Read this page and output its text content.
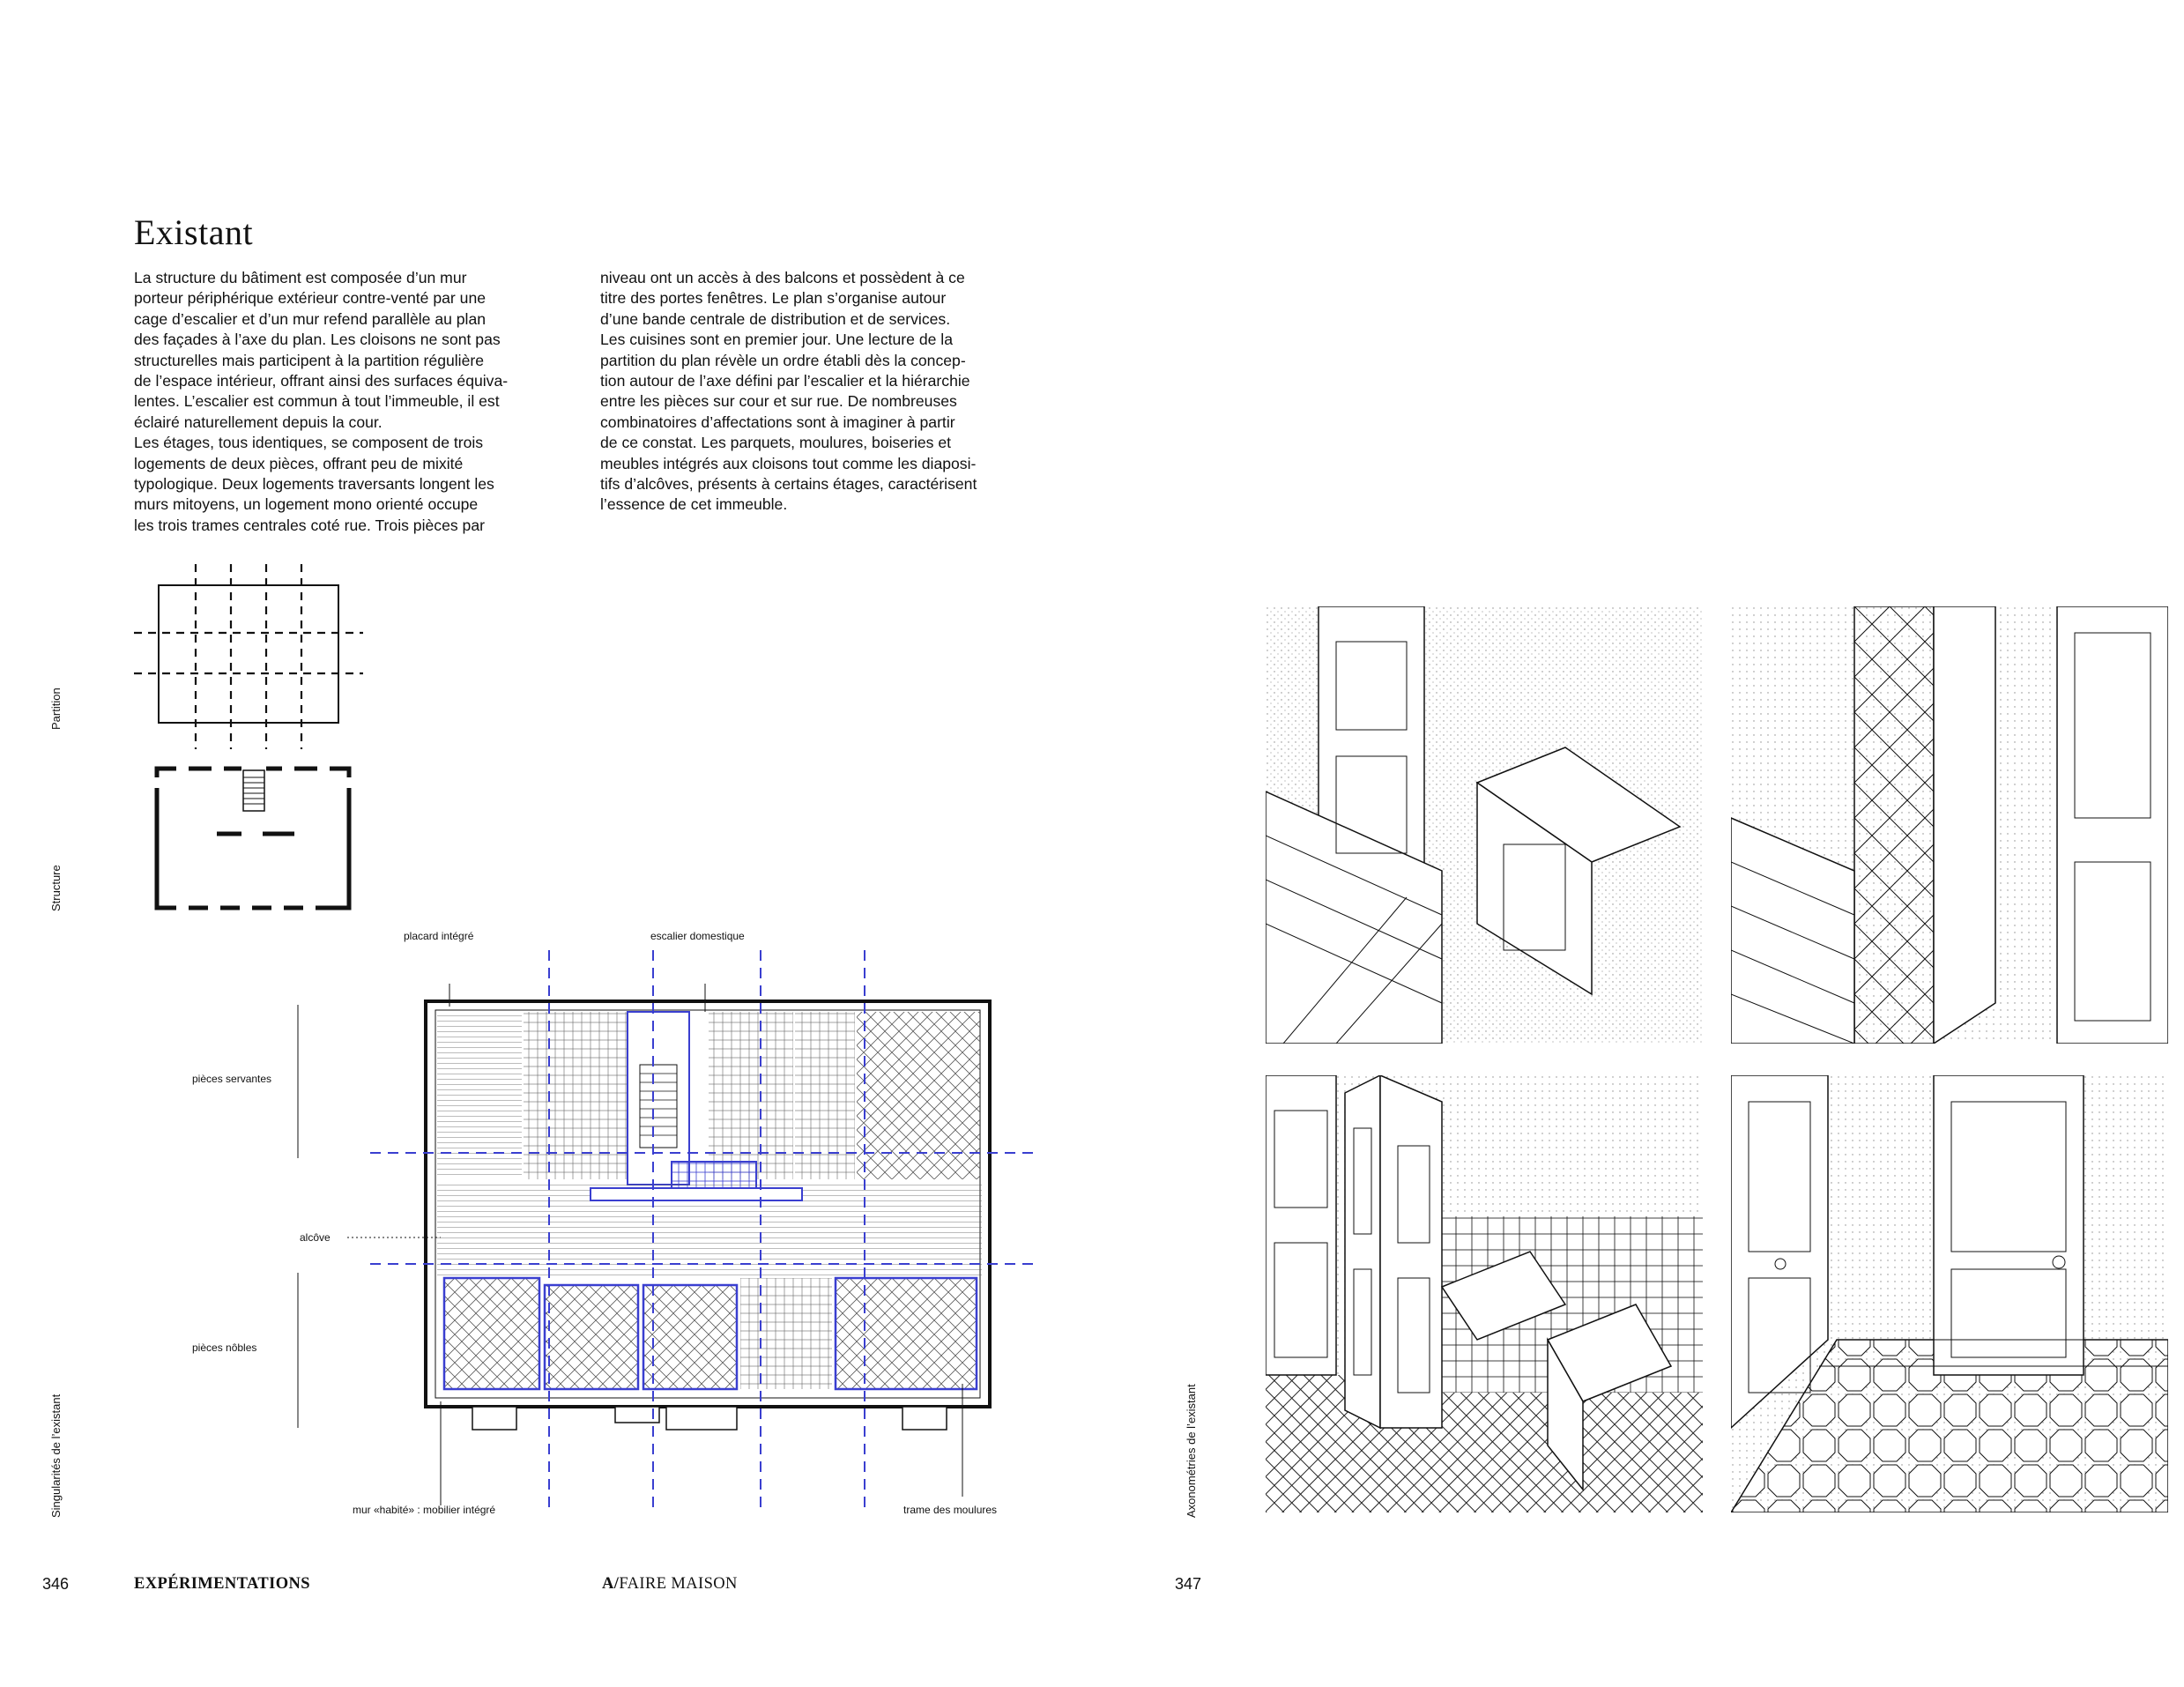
Existant

La structure du bâtiment est composée d’un mur
porteur périphérique extérieur contre-venté par une
cage d’escalier et d’un mur refend parallèle au plan
des façades à l’axe du plan. Les cloisons ne sont pas
structurelles mais participent à la partition régulière
de l’espace intérieur, offrant ainsi des surfaces équiva-
lentes. L’escalier est commun à tout l’immeuble, il est
éclairé naturellement depuis la cour.
Les étages, tous identiques, se composent de trois
logements de deux pièces, offrant peu de mixité
typologique. Deux logements traversants longent les
murs mitoyens, un logement mono orienté occupe
les trois trames centrales coté rue. Trois pièces par

niveau ont un accès à des balcons et possèdent à ce
titre des portes fenêtres. Le plan s’organise autour
d’une bande centrale de distribution et de services.
Les cuisines sont en premier jour. Une lecture de la
partition du plan révèle un ordre établi dès la concep-
tion autour de l’axe défini par l’escalier et la hiérarchie
entre les pièces sur cour et sur rue. De nombreuses
combinatoires d’affectations sont à imaginer à partir
de ce constat. Les parquets, moulures, boiseries et
meubles intégrés aux cloisons tout comme les diaposi-
tifs d’alcôves, présents à certains étages, caractérisent
l’essence de cet immeuble.

Partition
Structure
Singularités de l’existant	Axonométries de l’existant
placard intégré	escalier domestique
pièces servantes
alcôve
pièces nôbles
mur «habité» : mobilier intégré	trame des moulures
346	EXPÉRIMENTATIONS	A/FAIRE MAISON	347
